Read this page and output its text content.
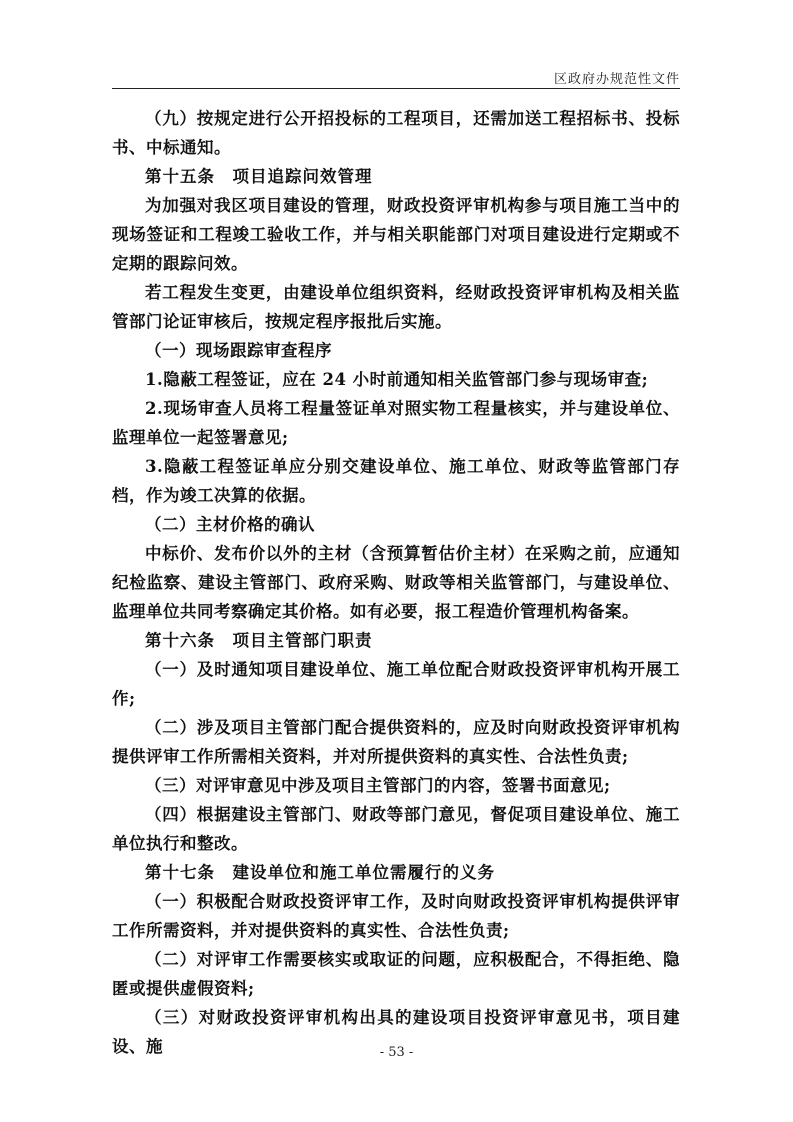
区政府办规范性文件

（九）按规定进行公开招投标的工程项目，还需加送工程招标书、投标书、中标通知。

第十五条　项目追踪问效管理

为加强对我区项目建设的管理，财政投资评审机构参与项目施工当中的现场签证和工程竣工验收工作，并与相关职能部门对项目建设进行定期或不定期的跟踪问效。

若工程发生变更，由建设单位组织资料，经财政投资评审机构及相关监管部门论证审核后，按规定程序报批后实施。

（一）现场跟踪审查程序

1.隐蔽工程签证，应在 24 小时前通知相关监管部门参与现场审查;

2.现场审查人员将工程量签证单对照实物工程量核实，并与建设单位、监理单位一起签署意见;

3.隐蔽工程签证单应分别交建设单位、施工单位、财政等监管部门存档，作为竣工决算的依据。

（二）主材价格的确认

中标价、发布价以外的主材（含预算暂估价主材）在采购之前，应通知纪检监察、建设主管部门、政府采购、财政等相关监管部门，与建设单位、监理单位共同考察确定其价格。如有必要，报工程造价管理机构备案。

第十六条　项目主管部门职责

（一）及时通知项目建设单位、施工单位配合财政投资评审机构开展工作;

（二）涉及项目主管部门配合提供资料的，应及时向财政投资评审机构提供评审工作所需相关资料，并对所提供资料的真实性、合法性负责;

（三）对评审意见中涉及项目主管部门的内容，签署书面意见;

（四）根据建设主管部门、财政等部门意见，督促项目建设单位、施工单位执行和整改。

第十七条　建设单位和施工单位需履行的义务

（一）积极配合财政投资评审工作，及时向财政投资评审机构提供评审工作所需资料，并对提供资料的真实性、合法性负责;

（二）对评审工作需要核实或取证的问题，应积极配合，不得拒绝、隐匿或提供虚假资料;

（三）对财政投资评审机构出具的建设项目投资评审意见书，项目建设、施	- 53 -
